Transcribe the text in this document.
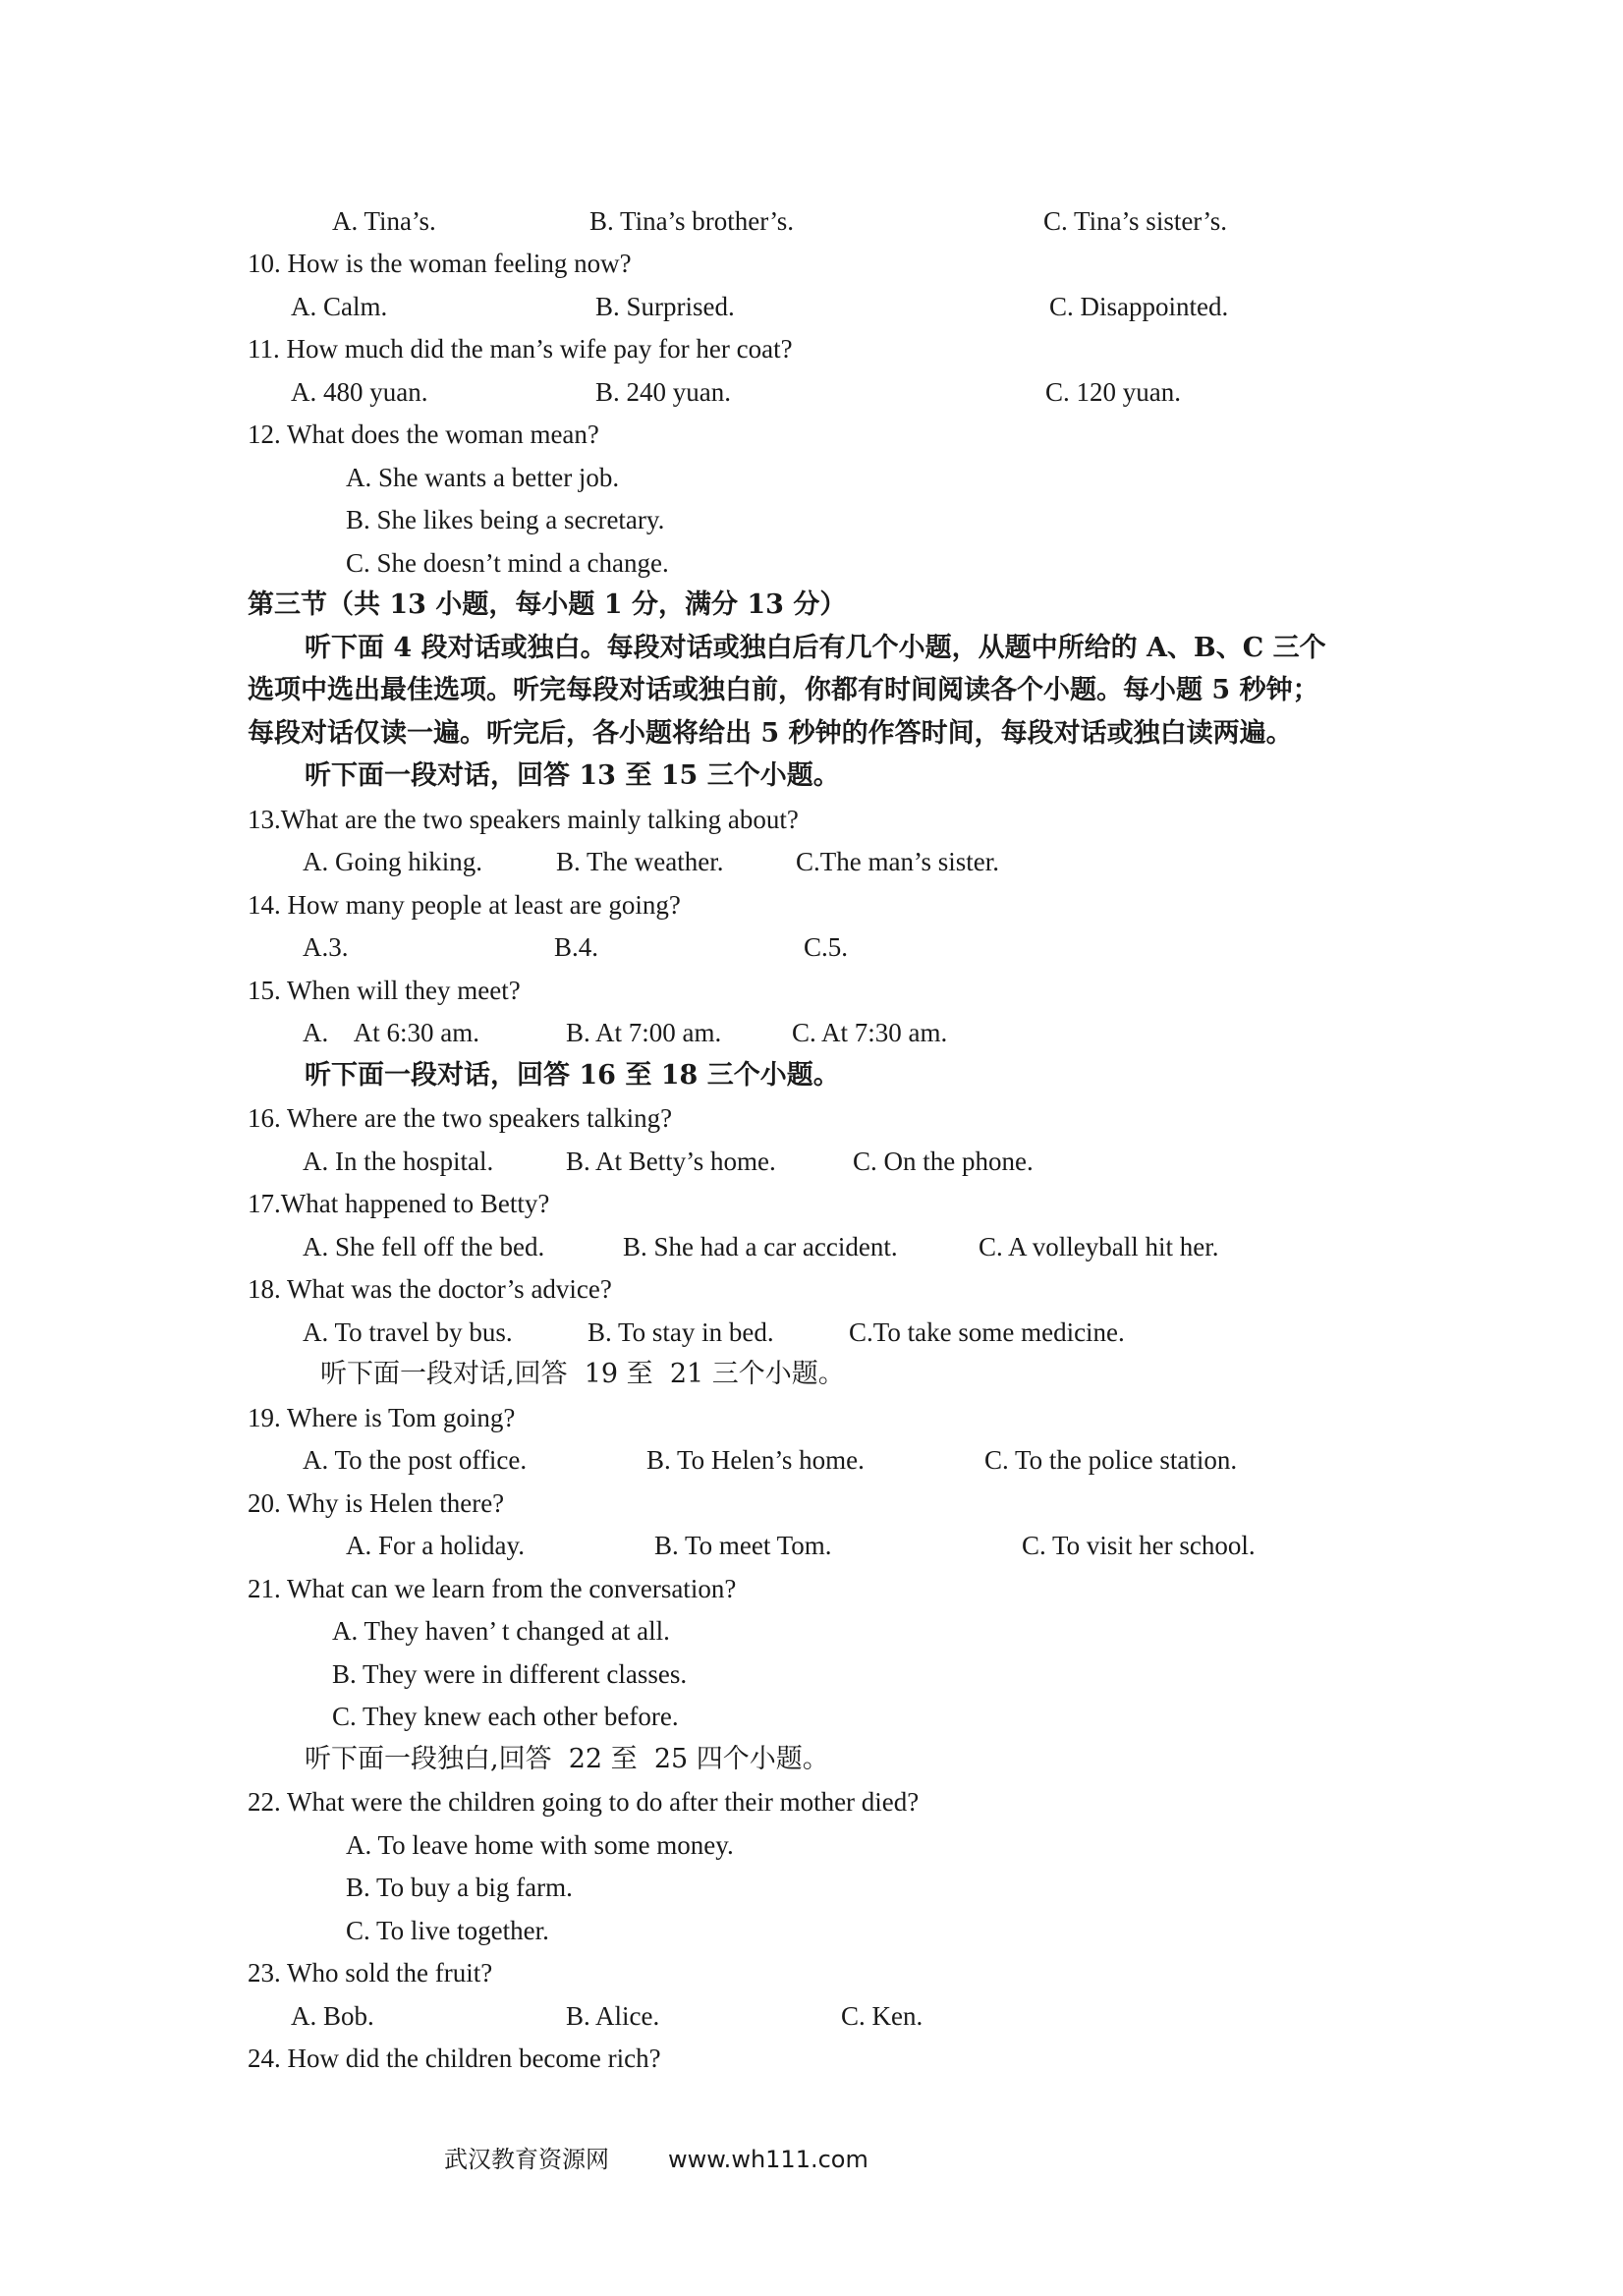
A. Tina’s.	B. Tina’s brother’s.	C. Tina’s sister’s.
10. How is the woman feeling now?
A. Calm.	B. Surprised.	C. Disappointed.
11. How much did the man’s wife pay for her coat?
A. 480 yuan.	B. 240 yuan.	C. 120 yuan.
12. What does the woman mean?
A. She wants a better job.
B. She likes being a secretary.
C. She doesn’t mind a change.
第三节（共 13 小题，每小题 1 分，满分 13 分）
听下面 4 段对话或独白。每段对话或独白后有几个小题，从题中所给的 A、B、C 三个
选项中选出最佳选项。听完每段对话或独白前，你都有时间阅读各个小题。每小题 5 秒钟；
每段对话仅读一遍。听完后，各小题将给出 5 秒钟的作答时间，每段对话或独白读两遍。
听下面一段对话，回答 13 至 15 三个小题。
13.What are the two speakers mainly talking about?
A. Going hiking.	B. The weather.	C.The man’s sister.
14. How many people at least are going?
A.3.	B.4.	C.5.
15. When will they meet?
A.    At 6:30 am.	B. At 7:00 am.	C. At 7:30 am.
听下面一段对话，回答 16 至 18 三个小题。
16. Where are the two speakers talking?
A. In the hospital.	B. At Betty’s home.	C. On the phone.
17.What happened to Betty?
A. She fell off the bed.	B. She had a car accident.	C. A volleyball hit her.
18. What was the doctor’s advice?
A. To travel by bus.	B. To stay in bed.	C.To take some medicine.
听下面一段对话,回答  19 至  21 三个小题。
19. Where is Tom going?
A. To the post office.	B. To Helen’s home.	C. To the police station.
20. Why is Helen there?
A. For a holiday.	B. To meet Tom.	C. To visit her school.
21. What can we learn from the conversation?
A. They haven’ t changed at all.
B. They were in different classes.
C. They knew each other before.
听下面一段独白,回答  22 至  25 四个小题。
22. What were the children going to do after their mother died?
A. To leave home with some money.
B. To buy a big farm.
C. To live together.
23. Who sold the fruit?
A. Bob.	B. Alice.	C. Ken.
24. How did the children become rich?
武汉教育资源网	www.wh111.com
